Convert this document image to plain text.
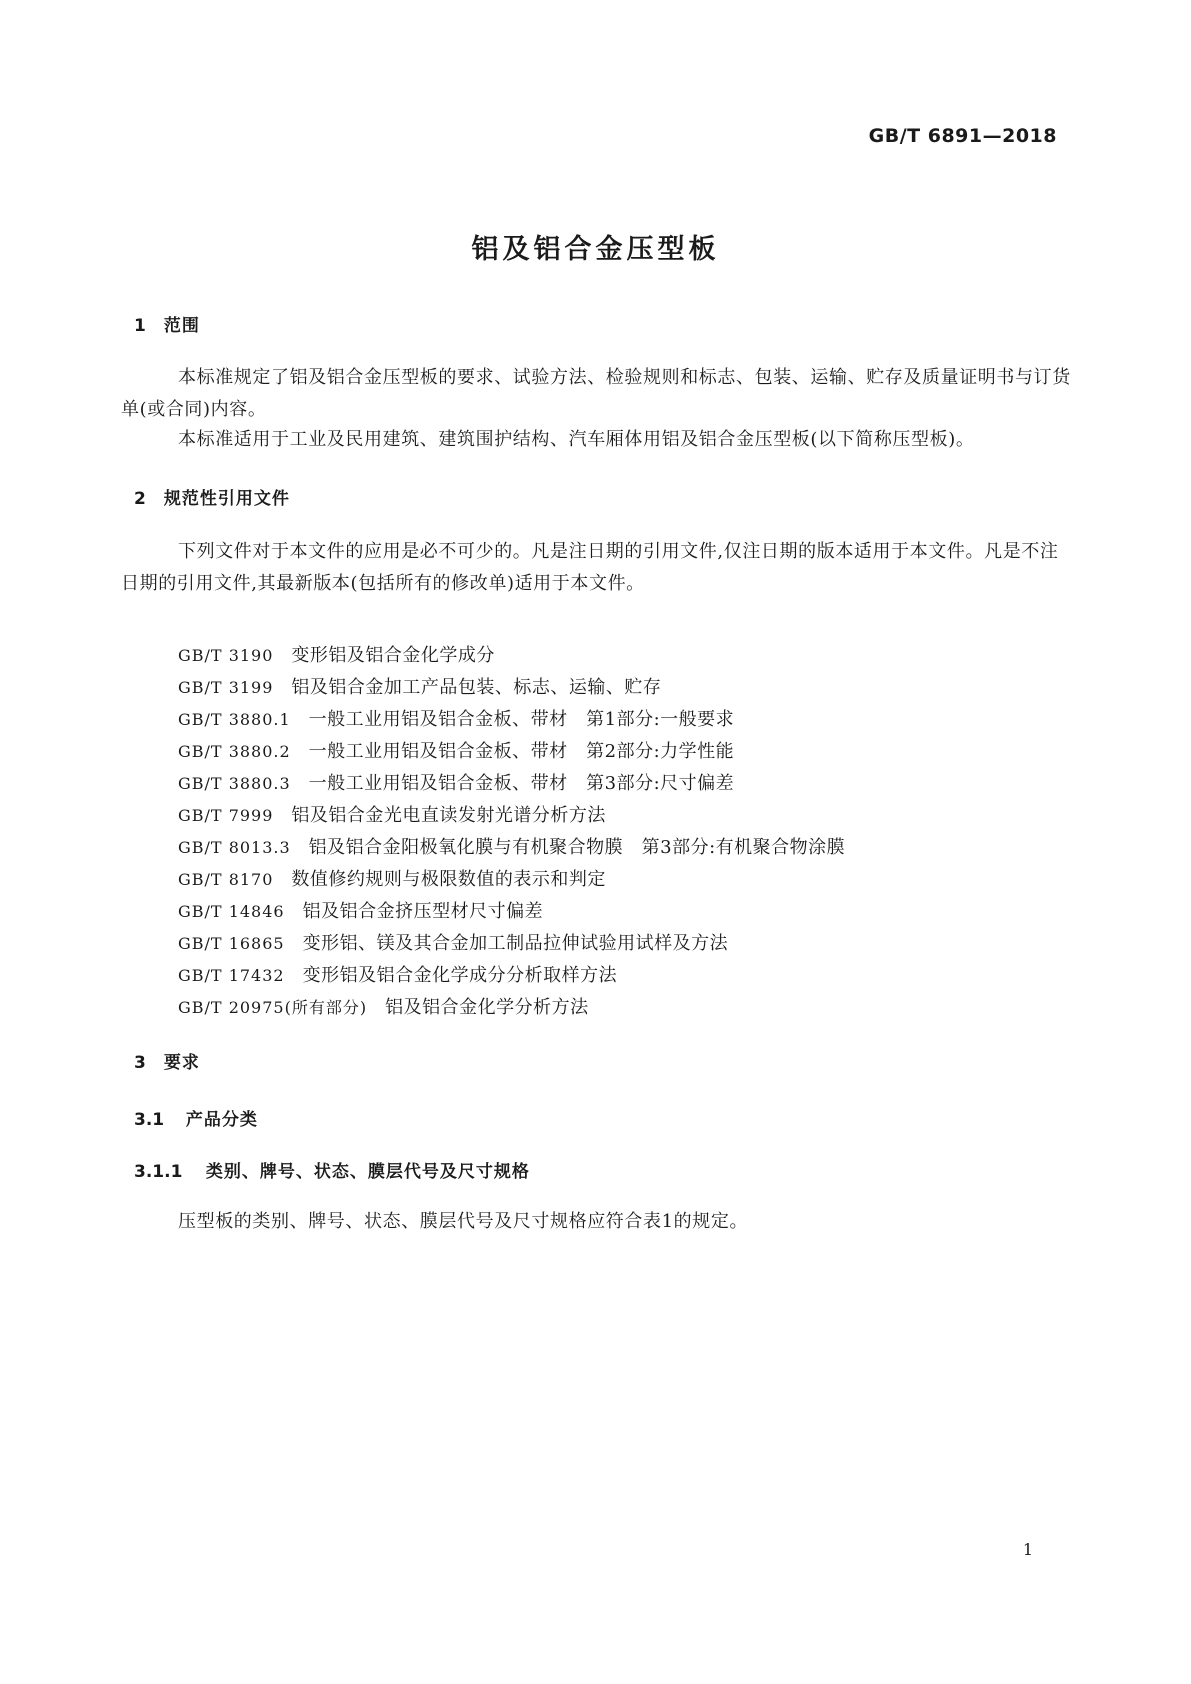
GB/T 6891—2018
铝及铝合金压型板
1 范围

本标准规定了铝及铝合金压型板的要求、试验方法、检验规则和标志、包装、运输、贮存及质量证明书与订货单(或合同)内容。

本标准适用于工业及民用建筑、建筑围护结构、汽车厢体用铝及铝合金压型板(以下简称压型板)。

2 规范性引用文件

下列文件对于本文件的应用是必不可少的。凡是注日期的引用文件,仅注日期的版本适用于本文件。凡是不注日期的引用文件,其最新版本(包括所有的修改单)适用于本文件。

GB/T 3190 变形铝及铝合金化学成分
GB/T 3199 铝及铝合金加工产品包装、标志、运输、贮存
GB/T 3880.1 一般工业用铝及铝合金板、带材　第1部分:一般要求
GB/T 3880.2 一般工业用铝及铝合金板、带材　第2部分:力学性能
GB/T 3880.3 一般工业用铝及铝合金板、带材　第3部分:尺寸偏差
GB/T 7999 铝及铝合金光电直读发射光谱分析方法
GB/T 8013.3 铝及铝合金阳极氧化膜与有机聚合物膜　第3部分:有机聚合物涂膜
GB/T 8170 数值修约规则与极限数值的表示和判定
GB/T 14846 铝及铝合金挤压型材尺寸偏差
GB/T 16865 变形铝、镁及其合金加工制品拉伸试验用试样及方法
GB/T 17432 变形铝及铝合金化学成分分析取样方法
GB/T 20975(所有部分) 铝及铝合金化学分析方法
3 要求
3.1 产品分类
3.1.1 类别、牌号、状态、膜层代号及尺寸规格

压型板的类别、牌号、状态、膜层代号及尺寸规格应符合表1的规定。

1
